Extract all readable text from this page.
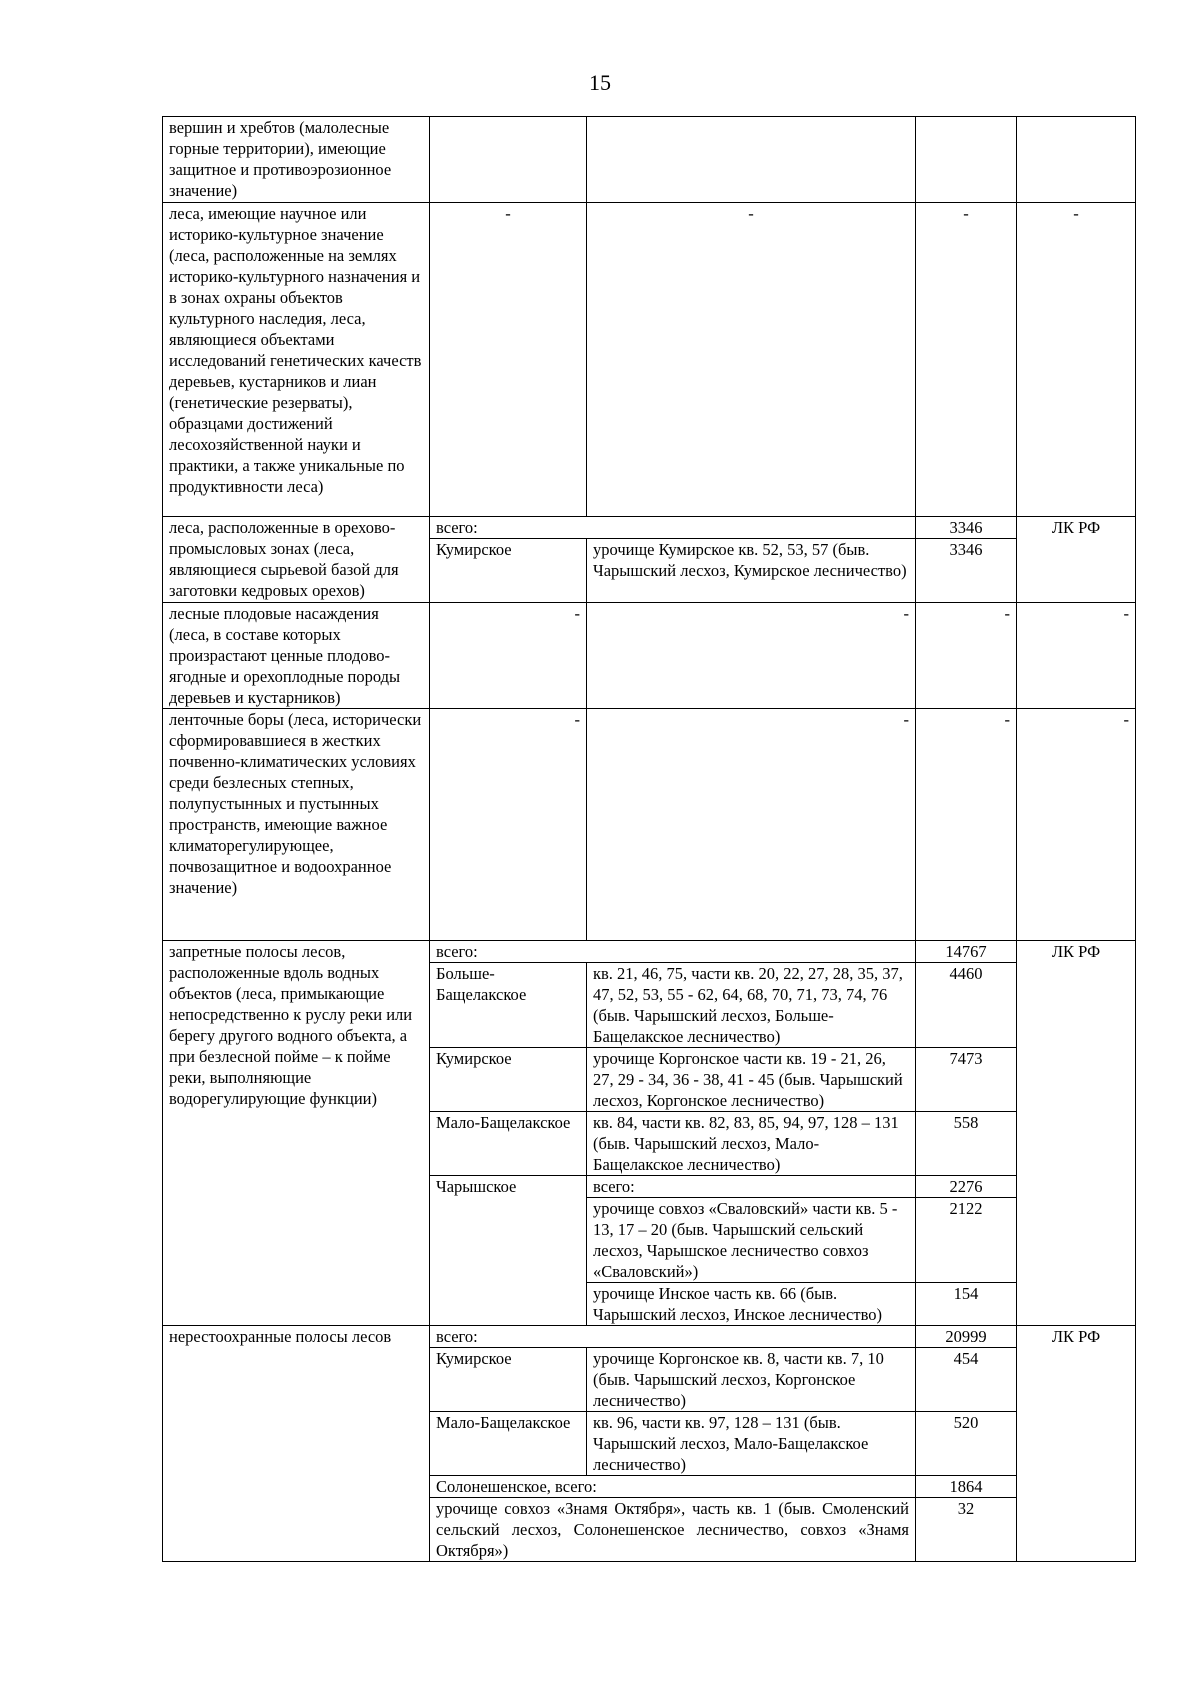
15
вершин и хребтов (малолесные горные территории), имеющие защитное и противоэрозионное значение)				
леса, имеющие научное или историко-культурное значение (леса, расположенные на землях историко-культурного назначения и в зонах охраны объектов культурного наследия, леса, являющиеся объектами исследований генетических качеств деревьев, кустарников и лиан (генетические резерваты), образцами достижений лесохозяйственной науки и практики, а также уникальные по продуктивности леса)	-	-	-	-
леса, расположенные в орехово-промысловых зонах (леса, являющиеся сырьевой базой для заготовки кедровых орехов)	всего:		3346	ЛК РФ
	Кумирское	урочище Кумирское кв. 52, 53, 57 (быв. Чарышский лесхоз, Кумирское лесничество)	3346	
лесные плодовые насаждения (леса, в составе которых произрастают ценные плодово-ягодные и орехоплодные породы деревьев и кустарников)	-	-	-	-
ленточные боры (леса, исторически сформировавшиеся в жестких почвенно-климатических условиях среди безлесных степных, полупустынных и пустынных пространств, имеющие важное климаторегулирующее, почвозащитное и водоохранное значение)	-	-	-	-
запретные полосы лесов, расположенные вдоль водных объектов (леса, примыкающие непосредственно к руслу реки или берегу другого водного объекта, а при безлесной пойме – к пойме реки, выполняющие водорегулирующие функции)	всего:		14767	ЛК РФ
	Больше-Бащелакское	кв. 21, 46, 75, части кв. 20, 22, 27, 28, 35, 37, 47, 52, 53, 55 - 62, 64, 68, 70, 71, 73, 74, 76 (быв. Чарышский лесхоз, Больше-Бащелакское лесничество)	4460	
	Кумирское	урочище Коргонское части кв. 19 - 21, 26, 27, 29 - 34, 36 - 38, 41 - 45 (быв. Чарышский лесхоз, Коргонское лесничество)	7473	
	Мало-Бащелакское	кв. 84, части кв. 82, 83, 85, 94, 97, 128 – 131 (быв. Чарышский лесхоз, Мало-Бащелакское лесничество)	558	
	Чарышское	всего:	2276	
		урочище совхоз «Сваловский» части кв. 5 - 13, 17 – 20 (быв. Чарышский сельский лесхоз, Чарышское лесничество совхоз «Сваловский»)	2122	
		урочище Инское часть кв. 66 (быв. Чарышский лесхоз, Инское лесничество)	154	
нерестоохранные полосы лесов	всего:		20999	ЛК РФ
	Кумирское	урочище Коргонское кв. 8, части кв. 7, 10 (быв. Чарышский лесхоз, Коргонское лесничество)	454	
	Мало-Бащелакское	кв. 96, части кв. 97, 128 – 131 (быв. Чарышский лесхоз, Мало-Бащелакское лесничество)	520	
	Солонешенское, всего:		1864	
	урочище совхоз «Знамя Октября», часть кв. 1 (быв. Смоленский сельский лесхоз, Солонешенское лесничество, совхоз «Знамя Октября»)		32	
